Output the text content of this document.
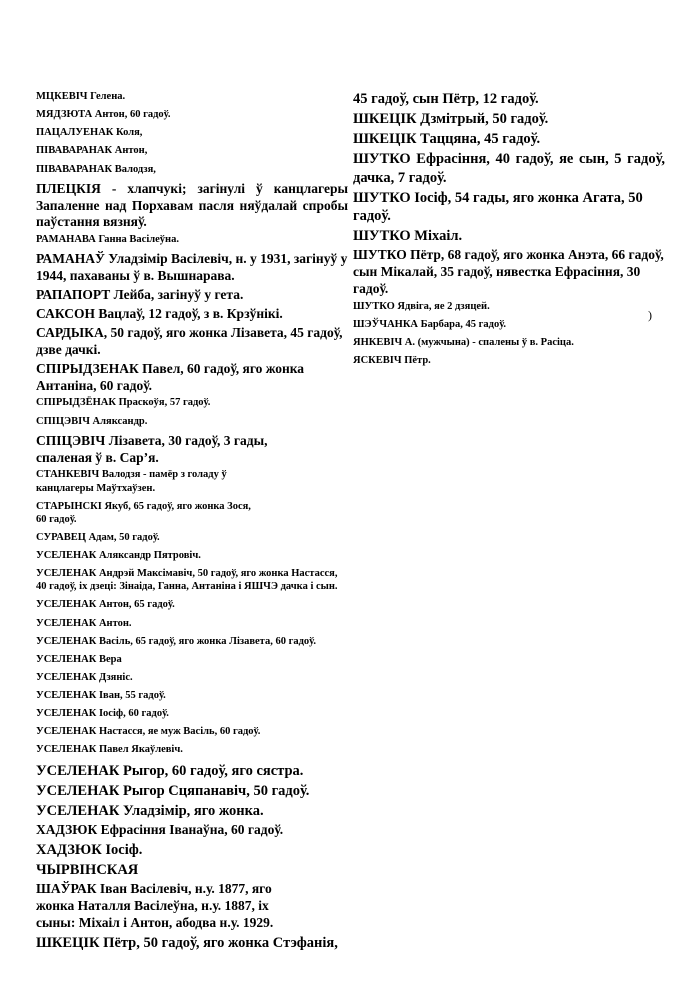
МЦКЕВІЧ Гелена.
МЯДЗЮТА Антон, 60 гадоў.
ПАЦАЛУЕНАК Коля,
ПІВАВАРАНАК Антон,
ПІВАВАРАНАК Валодзя,
ПЛЕЦКІЯ - хлапчукі; загінулі ў канцлагеры Запаленне над Порхавам пасля няўдалай спробы паўстання вязняў.
РАМАНАВА Ганна Васілеўна.
РАМАНАЎ Уладзімір Васілевіч, н. у 1931, загінуў у 1944, пахаваны ў в. Вышнарава.
РАПАПОРТ Лейба, загінуў у гета.
САКСОН Вацлаў, 12 гадоў, з в. Крзўнікі.
САРДЫКА, 50 гадоў, яго жонка Лізавета, 45 гадоў, дзве дачкі.
СПІРЫДЗЕНАК Павел, 60 гадоў, яго жонка Антаніна, 60 гадоў.
СПІРЫДЗЁНАК Праскоўя, 57 гадоў.
СПІЦЭВІЧ Аляксандр.
СПІЦЭВІЧ Лізавета, 30 гадоў, 3 гады, спаленая ў в. Сар’я.
СТАНКЕВІЧ Валодзя - памёр з голаду ў канцлагеры Маўтхаўзен.
СТАРЫНСКІ Якуб, 65 гадоў, яго жонка Зося, 60 гадоў.
СУРАВЕЦ Адам, 50 гадоў.
УСЕЛЕНАК Аляксандр Пятровіч.
УСЕЛЕНАК Андрэй Максімавіч, 50 гадоў, яго жонка Настасся, 40 гадоў, іх дзеці: Зінаіда, Ганна, Антаніна і ЯШЧЭ дачка і сын.
УСЕЛЕНАК Антон, 65 гадоў.
УСЕЛЕНАК Антон.
УСЕЛЕНАК Васіль, 65 гадоў, яго жонка Лізавета, 60 гадоў.
УСЕЛЕНАК Вера
УСЕЛЕНАК Дзяніс.
УСЕЛЕНАК Іван, 55 гадоў.
УСЕЛЕНАК Іосіф, 60 гадоў.
УСЕЛЕНАК Настасся, яе муж Васіль, 60 гадоў.
УСЕЛЕНАК Павел Якаўлевіч.
УСЕЛЕНАК Рыгор, 60 гадоў, яго сястра.
УСЕЛЕНАК Рыгор Сцяпанавіч, 50 гадоў.
УСЕЛЕНАК Уладзімір, яго жонка.
ХАДЗЮК Ефрасіння Іванаўна, 60 гадоў.
ХАДЗЮК Іосіф.
ЧЫРВІНСКАЯ
ШАЎРАК Іван Васілевіч, н.у. 1877, яго жонка Наталля Васілеўна, н.у. 1887, іх сыны: Міхаіл і Антон, абодва н.у. 1929.
ШКЕЦІК Пётр, 50 гадоў, яго жонка Стэфанія,
45 гадоў, сын Пётр, 12 гадоў.
ШКЕЦІК Дзмітрый, 50 гадоў.
ШКЕЦІК Таццяна, 45 гадоў.
ШУТКО Ефрасіння, 40 гадоў, яе сын, 5 гадоў, дачка, 7 гадоў.
ШУТКО Іосіф, 54 гады, яго жонка Агата, 50 гадоў.
ШУТКО Міхаіл.
ШУТКО Пётр, 68 гадоў, яго жонка Анэта, 66 гадоў, сын Мікалай, 35 гадоў, нявестка Ефрасіння, 30 гадоў.
ШУТКО Ядвіга, яе 2 дзяцей.
ШЭЎЧАНКА Барбара, 45 гадоў.
ЯНКЕВІЧ А. (мужчына) - спалены ў в. Расіца.
ЯСКЕВІЧ Пётр.
)
